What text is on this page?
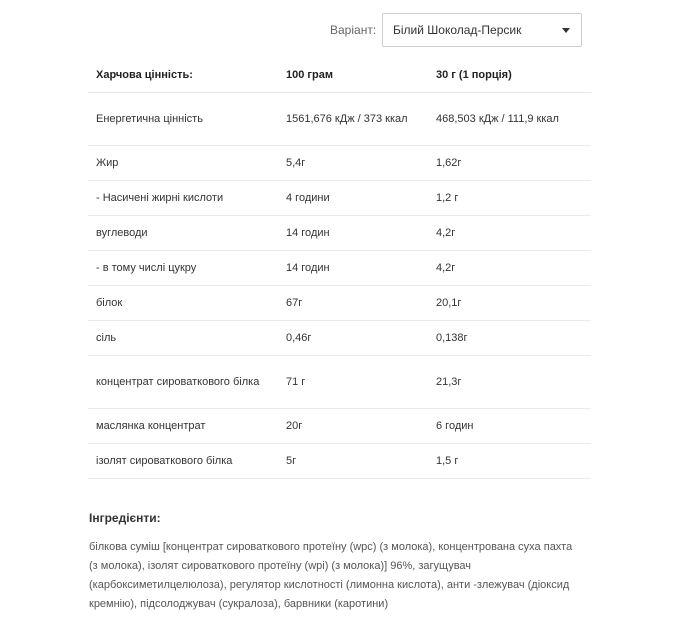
Варіант:	Білий Шоколад-Персик
Харчова цінність:	100 грам	30 г (1 порція)
Енергетична цінність	1561,676 кДж / 373 ккал	468,503 кДж / 111,9 ккал
Жир	5,4г	1,62г
- Насичені жирні кислоти	4 години	1,2 г
вуглеводи	14 годин	4,2г
- в тому числі цукру	14 годин	4,2г
білок	67г	20,1г
сіль	0,46г	0,138г
концентрат сироваткового білка	71 г	21,3г
маслянка концентрат	20г	6 годин
ізолят сироваткового білка	5г	1,5 г
Інгредієнти:
білкова суміш [концентрат сироваткового протеїну (wpc) (з молока), концентрована суха пахта (з молока), ізолят сироваткового протеїну (wpi) (з молока)] 96%, загущувач (карбоксиметилцелюлоза), регулятор кислотності (лимонна кислота), анти -злежувач (діоксид кремнію), підсолоджувач (сукралоза), барвники (каротини)
